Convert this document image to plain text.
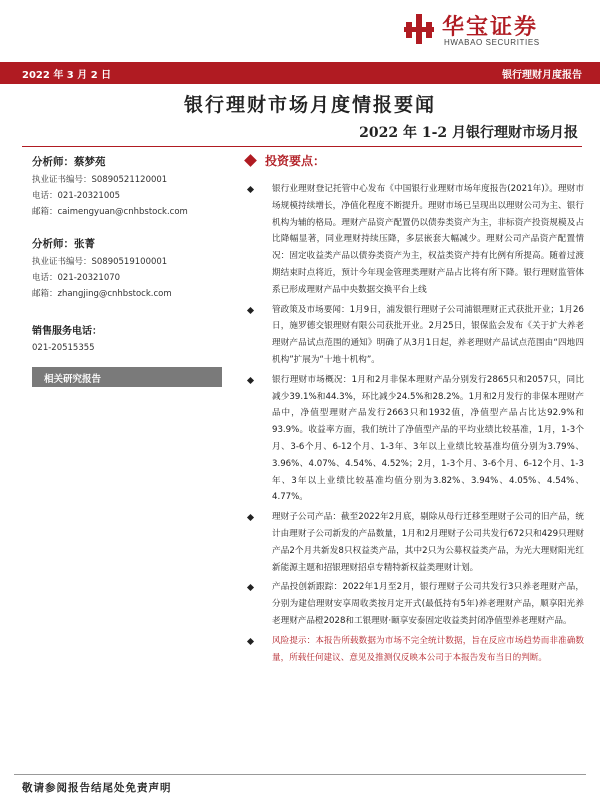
华宝证券
HWABAO SECURITIES
2022 年 3 月 2 日	银行理财月度报告
银行理财市场月度情报要闻
2022 年 1-2 月银行理财市场月报
分析师：蔡梦苑
执业证书编号：S0890521120001
电话：021-20321005
邮箱：caimengyuan@cnhbstock.com
分析师：张菁
执业证书编号：S0890519100001
电话：021-20321070
邮箱：zhangjing@cnhbstock.com
销售服务电话：
021-20515355
相关研究报告
投资要点：
银行业理财登记托管中心发布《中国银行业理财市场年度报告(2021年)》。理财市场规模持续增长，净值化程度不断提升。理财市场已呈现出以理财公司为主、银行机构为辅的格局。理财产品资产配置仍以债券类资产为主，非标资产投资规模及占比降幅显著，同业理财持续压降，多层嵌套大幅减少。理财公司产品资产配置情况：固定收益类产品以债券类资产为主，权益类资产持有比例有所提高。随着过渡期结束时点将近，预计今年现金管理类理财产品占比将有所下降。银行理财监管体系已形成理财产品中央数据交换平台上线
管政策及市场要闻：1月9日，浦发银行理财子公司浦银理财正式获批开业；1月26日，施罗德交银理财有限公司获批开业。2月25日，银保监会发布《关于扩大养老理财产品试点范围的通知》明确了从3月1日起，养老理财产品试点范围由“四地四机构”扩展为“十地十机构”。
银行理财市场概况：1月和2月非保本理财产品分别发行2865只和2057只，同比减少39.1%和44.3%，环比减少24.5%和28.2%。1月和2月发行的非保本理财产品中，净值型理财产品发行2663只和1932值，净值型产品占比达92.9%和93.9%。收益率方面，我们统计了净值型产品的平均业绩比较基准，1月，1-3个月、3-6个月、6-12个月、1-3年、3年以上业绩比较基准均值分别为3.79%、3.96%、4.07%、4.54%、4.52%；2月，1-3个月、3-6个月、6-12个月、1-3年、3年以上业绩比较基准均值分别为3.82%、3.94%、4.05%、4.54%、4.77%。
理财子公司产品：截至2022年2月底，剔除从母行迁移至理财子公司的旧产品，统计由理财子公司新发的产品数量，1月和2月理财子公司共发行672只和429只理财产品2个月共新发8只权益类产品，其中2只为公募权益类产品，为光大理财阳光红新能源主题和招银理财招卓专精特新权益类理财计划。
产品投创新跟踪：2022年1月至2月，银行理财子公司共发行3只养老理财产品，分别为建信理财安享周收类按月定开式(最低持有5年)养老理财产品，顺享阳光养老理财产品橙2028和工银理财·颐享安泰固定收益类封闭净值型养老理财产品。
风险提示：本报告所载数据为市场不完全统计数据，旨在反应市场趋势而非准确数量，所载任何建议、意见及推测仅反映本公司于本报告发布当日的判断。
敬请参阅报告结尾处免责声明
